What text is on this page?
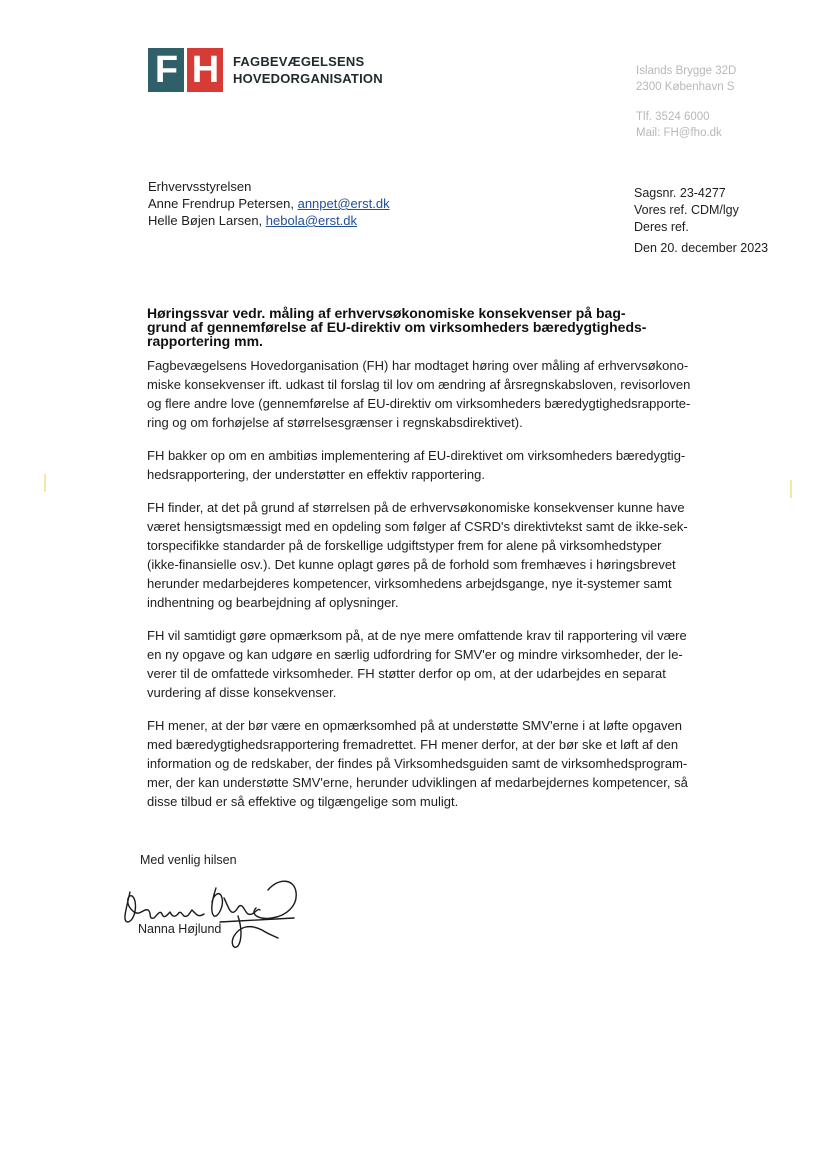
F H	FAGBEVÆGELSENS
HOVEDORGANISATION	Islands Brygge 32D
2300 København S
Tlf. 3524 6000
Mail: FH@fho.dk
Erhvervsstyrelsen
Anne Frendrup Petersen, annpet@erst.dk
Helle Bøjen Larsen, hebola@erst.dk
Sagsnr. 23-4277
Vores ref. CDM/lgy
Deres ref.
Den 20. december 2023
Høringssvar vedr. måling af erhvervsøkonomiske konsekvenser på bag-
grund af gennemførelse af EU-direktiv om virksomheders bæredygtigheds-
rapportering mm.

Fagbevægelsens Hovedorganisation (FH) har modtaget høring over måling af erhvervsøkono-
miske konsekvenser ift. udkast til forslag til lov om ændring af årsregnskabsloven, revisorloven
og flere andre love (gennemførelse af EU-direktiv om virksomheders bæredygtighedsrapporte-
ring og om forhøjelse af størrelsesgrænser i regnskabsdirektivet).

FH bakker op om en ambitiøs implementering af EU-direktivet om virksomheders bæredygtig-
hedsrapportering, der understøtter en effektiv rapportering.

FH finder, at det på grund af størrelsen på de erhvervsøkonomiske konsekvenser kunne have
været hensigtsmæssigt med en opdeling som følger af CSRD's direktivtekst samt de ikke-sek-
torspecifikke standarder på de forskellige udgiftstyper frem for alene på virksomhedstyper
(ikke-finansielle osv.). Det kunne oplagt gøres på de forhold som fremhæves i høringsbrevet
herunder medarbejderes kompetencer, virksomhedens arbejdsgange, nye it-systemer samt
indhentning og bearbejdning af oplysninger.

FH vil samtidigt gøre opmærksom på, at de nye mere omfattende krav til rapportering vil være
en ny opgave og kan udgøre en særlig udfordring for SMV'er og mindre virksomheder, der le-
verer til de omfattede virksomheder. FH støtter derfor op om, at der udarbejdes en separat
vurdering af disse konsekvenser.

FH mener, at der bør være en opmærksomhed på at understøtte SMV'erne i at løfte opgaven
med bæredygtighedsrapportering fremadrettet. FH mener derfor, at der bør ske et løft af den
information og de redskaber, der findes på Virksomhedsguiden samt de virksomhedsprogram-
mer, der kan understøtte SMV'erne, herunder udviklingen af medarbejdernes kompetencer, så
disse tilbud er så effektive og tilgængelige som muligt.

Med venlig hilsen
Nanna Højlund
